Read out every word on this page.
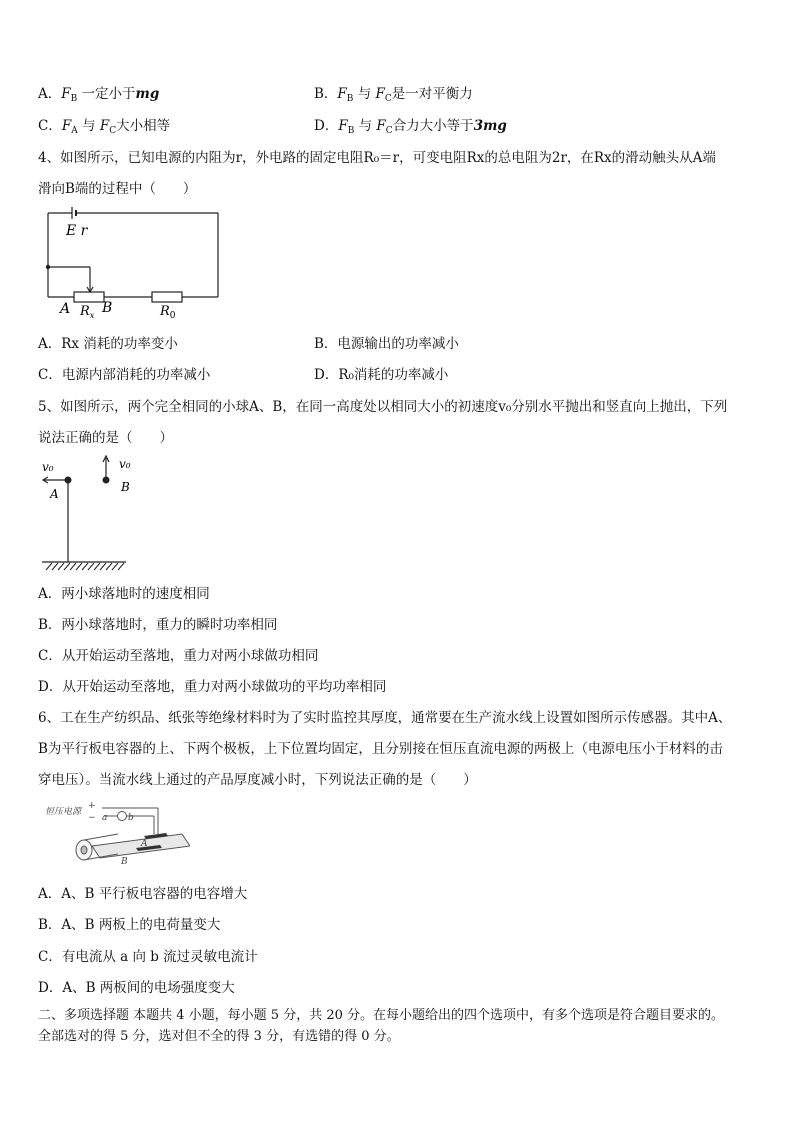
A．$F_B$ 一定小于mg	B．$F_B$ 与 $F_C$是一对平衡力
C．$F_A$ 与 $F_C$大小相等	D．$F_B$ 与 $F_C$合力大小等于3mg
4、如图所示，已知电源的内阻为r，外电路的固定电阻R₀＝r，可变电阻Rx的总电阻为2r，在Rx的滑动触头从A端
滑向B端的过程中（　　）
E r
A B
$R_x$	$R_0$
A．Rx 消耗的功率变小	B．电源输出的功率减小
C．电源内部消耗的功率减小	D．R₀消耗的功率减小
5、如图所示，两个完全相同的小球A、B，在同一高度处以相同大小的初速度v₀分别水平抛出和竖直向上抛出，下列
说法正确的是（　　）
v₀	v₀
A	B
A．两小球落地时的速度相同
B．两小球落地时，重力的瞬时功率相同
C．从开始运动至落地，重力对两小球做功相同
D．从开始运动至落地，重力对两小球做功的平均功率相同
6、工在生产纺织品、纸张等绝缘材料时为了实时监控其厚度，通常要在生产流水线上设置如图所示传感器。其中A、
B为平行板电容器的上、下两个极板，上下位置均固定，且分别接在恒压直流电源的两极上（电源电压小于材料的击
穿电压）。当流水线上通过的产品厚度减小时，下列说法正确的是（　　）
恒压电源
+
− a b
A
B
A．A、B 平行板电容器的电容增大
B．A、B 两板上的电荷量变大
C．有电流从 a 向 b 流过灵敏电流计
D．A、B 两板间的电场强度变大
二、多项选择题 本题共 4 小题，每小题 5 分，共 20 分。在每小题给出的四个选项中，有多个选项是符合题目要求的。
全部选对的得 5 分，选对但不全的得 3 分，有选错的得 0 分。
